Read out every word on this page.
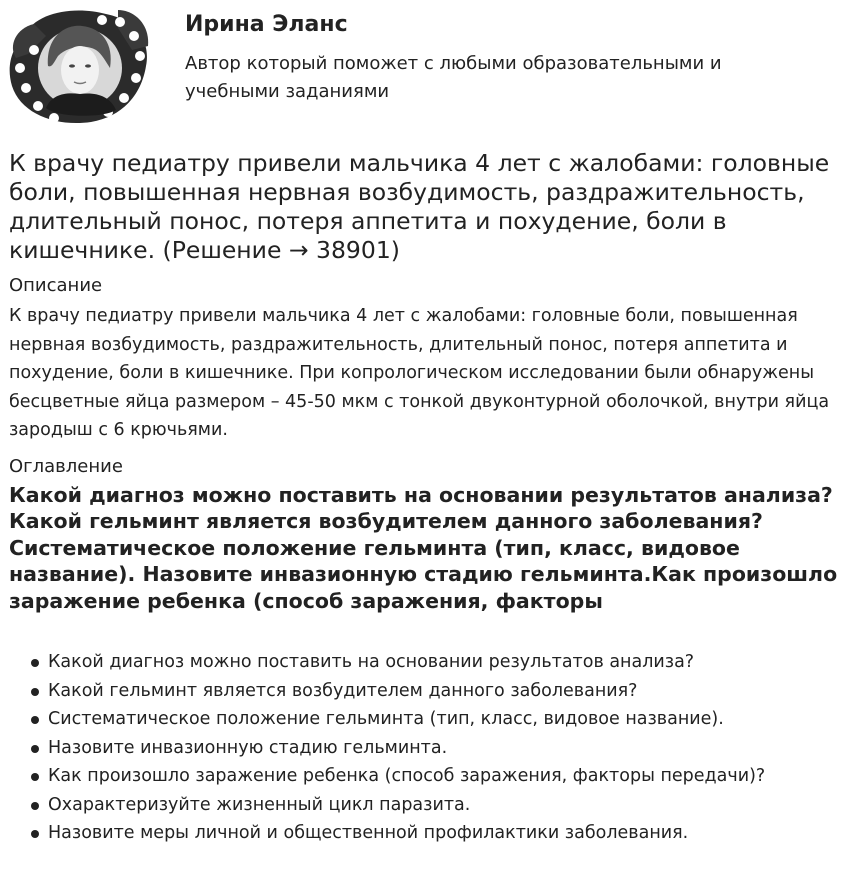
Ирина Эланс
Автор который поможет с любыми образовательными и учебными заданиями
К врачу педиатру привели мальчика 4 лет с жалобами: головные боли, повышенная нервная возбудимость, раздражительность, длительный понос, потеря аппетита и похудение, боли в кишечнике. (Решение → 38901)
Описание
К врачу педиатру привели мальчика 4 лет с жалобами: головные боли, повышенная нервная возбудимость, раздражительность, длительный понос, потеря аппетита и похудение, боли в кишечнике. При копрологическом исследовании были обнаружены бесцветные яйца размером – 45-50 мкм с тонкой двуконтурной оболочкой, внутри яйца зародыш с 6 крючьями.
Оглавление
Какой диагноз можно поставить на основании результатов анализа?Какой гельминт является возбудителем данного заболевания? Систематическое положение гельминта (тип, класс, видовое название). Назовите инвазионную стадию гельминта.Как произошло заражение ребенка (способ заражения, факторы
Какой диагноз можно поставить на основании результатов анализа?
Какой гельминт является возбудителем данного заболевания?
Систематическое положение гельминта (тип, класс, видовое название).
Назовите инвазионную стадию гельминта.
Как произошло заражение ребенка (способ заражения, факторы передачи)?
Охарактеризуйте жизненный цикл паразита.
Назовите меры личной и общественной профилактики заболевания.
